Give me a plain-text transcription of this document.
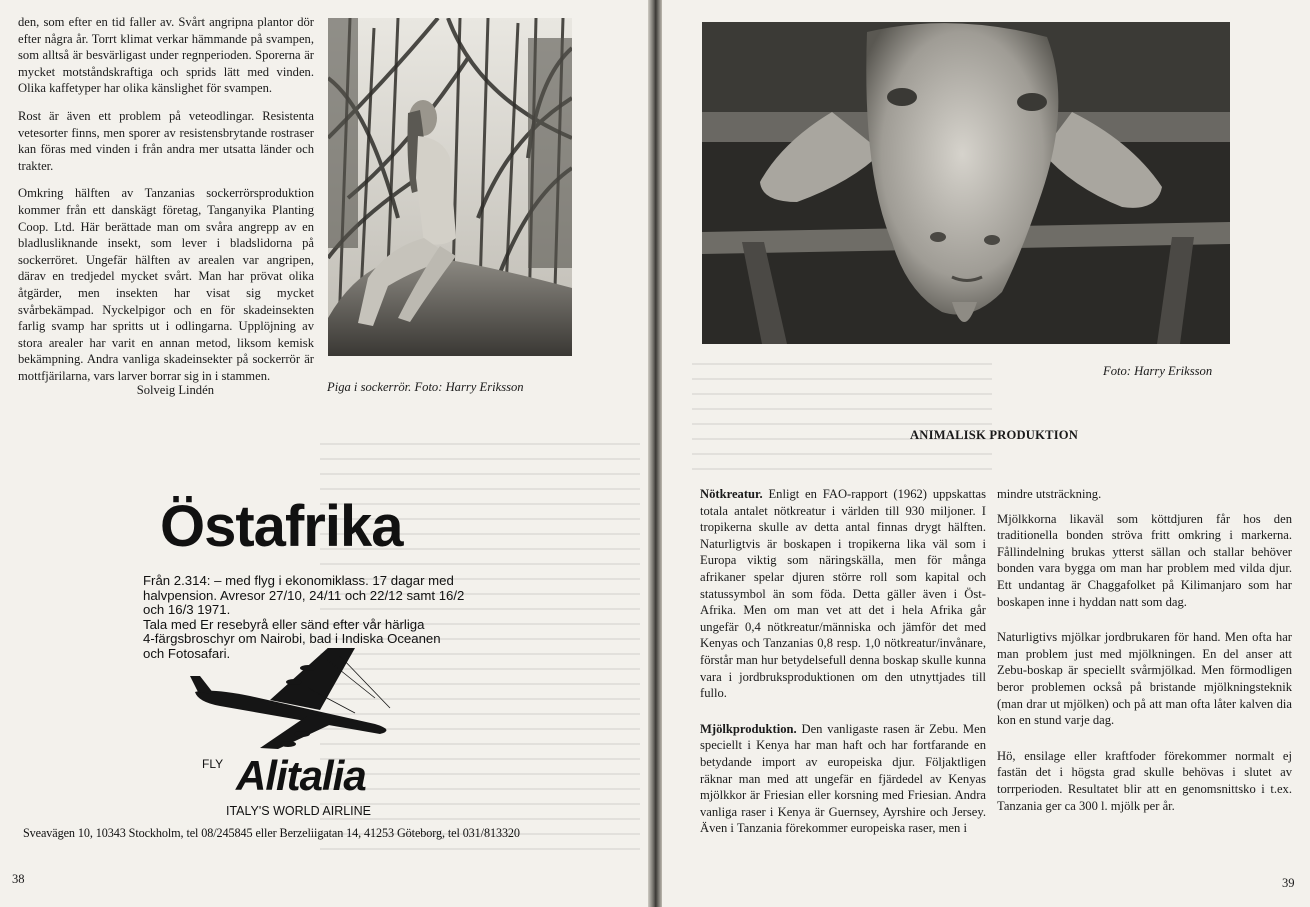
den, som efter en tid faller av. Svårt angripna plantor dör efter några år. Torrt klimat verkar hämmande på svampen, som alltså är besvärligast under regnperioden. Sporerna är mycket motståndskraftiga och sprids lätt med vinden. Olika kaffetyper har olika känslighet för svampen.

Rost är även ett problem på veteodlingar. Resistenta vetesorter finns, men sporer av resistensbrytande rostraser kan föras med vinden i från andra mer utsatta länder och trakter.

Omkring hälften av Tanzanias sockerrörsproduktion kommer från ett danskägt företag, Tanganyika Planting Coop. Ltd. Här berättade man om svåra angrepp av en bladlusliknande insekt, som lever i bladslidorna på sockerröret. Ungefär hälften av arealen var angripen, därav en tredjedel mycket svårt. Man har prövat olika åtgärder, men insekten har visat sig mycket svårbekämpad. Nyckelpigor och en för skadeinsekten farlig svamp har spritts ut i odlingarna. Upplöjning av stora arealer har varit en annan metod, liksom kemisk bekämpning. Andra vanliga skadeinsekter på sockerrör är mottfjärilarna, vars larver borrar sig in i stammen.

Solveig Lindén	Piga i sockerrör. Foto: Harry Eriksson
Östafrika

Från 2.314: – med flyg i ekonomiklass. 17 dagar med

halvpension. Avresor 27/10, 24/11 och 22/12 samt 16/2

och 16/3 1971.

Tala med Er resebyrå eller sänd efter vår härliga

4-färgsbroschyr om Nairobi, bad i Indiska Oceanen

och Fotosafari.

FLY Alitalia
ITALY'S WORLD AIRLINE
Sveavägen 10, 10343 Stockholm, tel 08/245845 eller Berzeliigatan 14, 41253 Göteborg, tel 031/813320
38
Foto: Harry Eriksson
ANIMALISK PRODUKTION

Nötkreatur. Enligt en FAO-rapport (1962) uppskattas totala antalet nötkreatur i världen till 930 miljoner. I tropikerna skulle av detta antal finnas drygt hälften. Naturligtvis är boskapen i tropikerna lika väl som i Europa viktig som näringskälla, men för många afrikaner spelar djuren större roll som kapital och statussymbol än som föda. Detta gäller även i Öst-Afrika. Men om man vet att det i hela Afrika går ungefär 0,4 nötkreatur/människa och jämför det med Kenyas och Tanzanias 0,8 resp. 1,0 nötkreatur/invånare, förstår man hur betydelsefull denna boskap skulle kunna vara i jordbruksproduktionen om den utnyttjades till fullo.

Mjölkproduktion. Den vanligaste rasen är Zebu. Men speciellt i Kenya har man haft och har fortfarande en betydande import av europeiska djur. Följaktligen räknar man med att ungefär en fjärdedel av Kenyas mjölkkor är Friesian eller korsning med Friesian. Andra vanliga raser i Kenya är Guernsey, Ayrshire och Jersey. Även i Tanzania förekommer europeiska raser, men i

mindre utsträckning.

Mjölkkorna likaväl som köttdjuren får hos den traditionella bonden ströva fritt omkring i markerna. Fållindelning brukas ytterst sällan och stallar behöver bonden vara bygga om man har problem med vilda djur. Ett undantag är Chaggafolket på Kilimanjaro som har boskapen inne i hyddan natt som dag.

Naturligtivs mjölkar jordbrukaren för hand. Men ofta har man problem just med mjölkningen. En del anser att Zebu-boskap är speciellt svårmjölkad. Men förmodligen beror problemen också på bristande mjölkningsteknik (man drar ut mjölken) och på att man ofta låter kalven dia kon en stund varje dag.

Hö, ensilage eller kraftfoder förekommer normalt ej fastän det i högsta grad skulle behövas i slutet av torrperioden. Resultatet blir att en genomsnittsko i t.ex. Tanzania ger ca 300 l. mjölk per år.

39
